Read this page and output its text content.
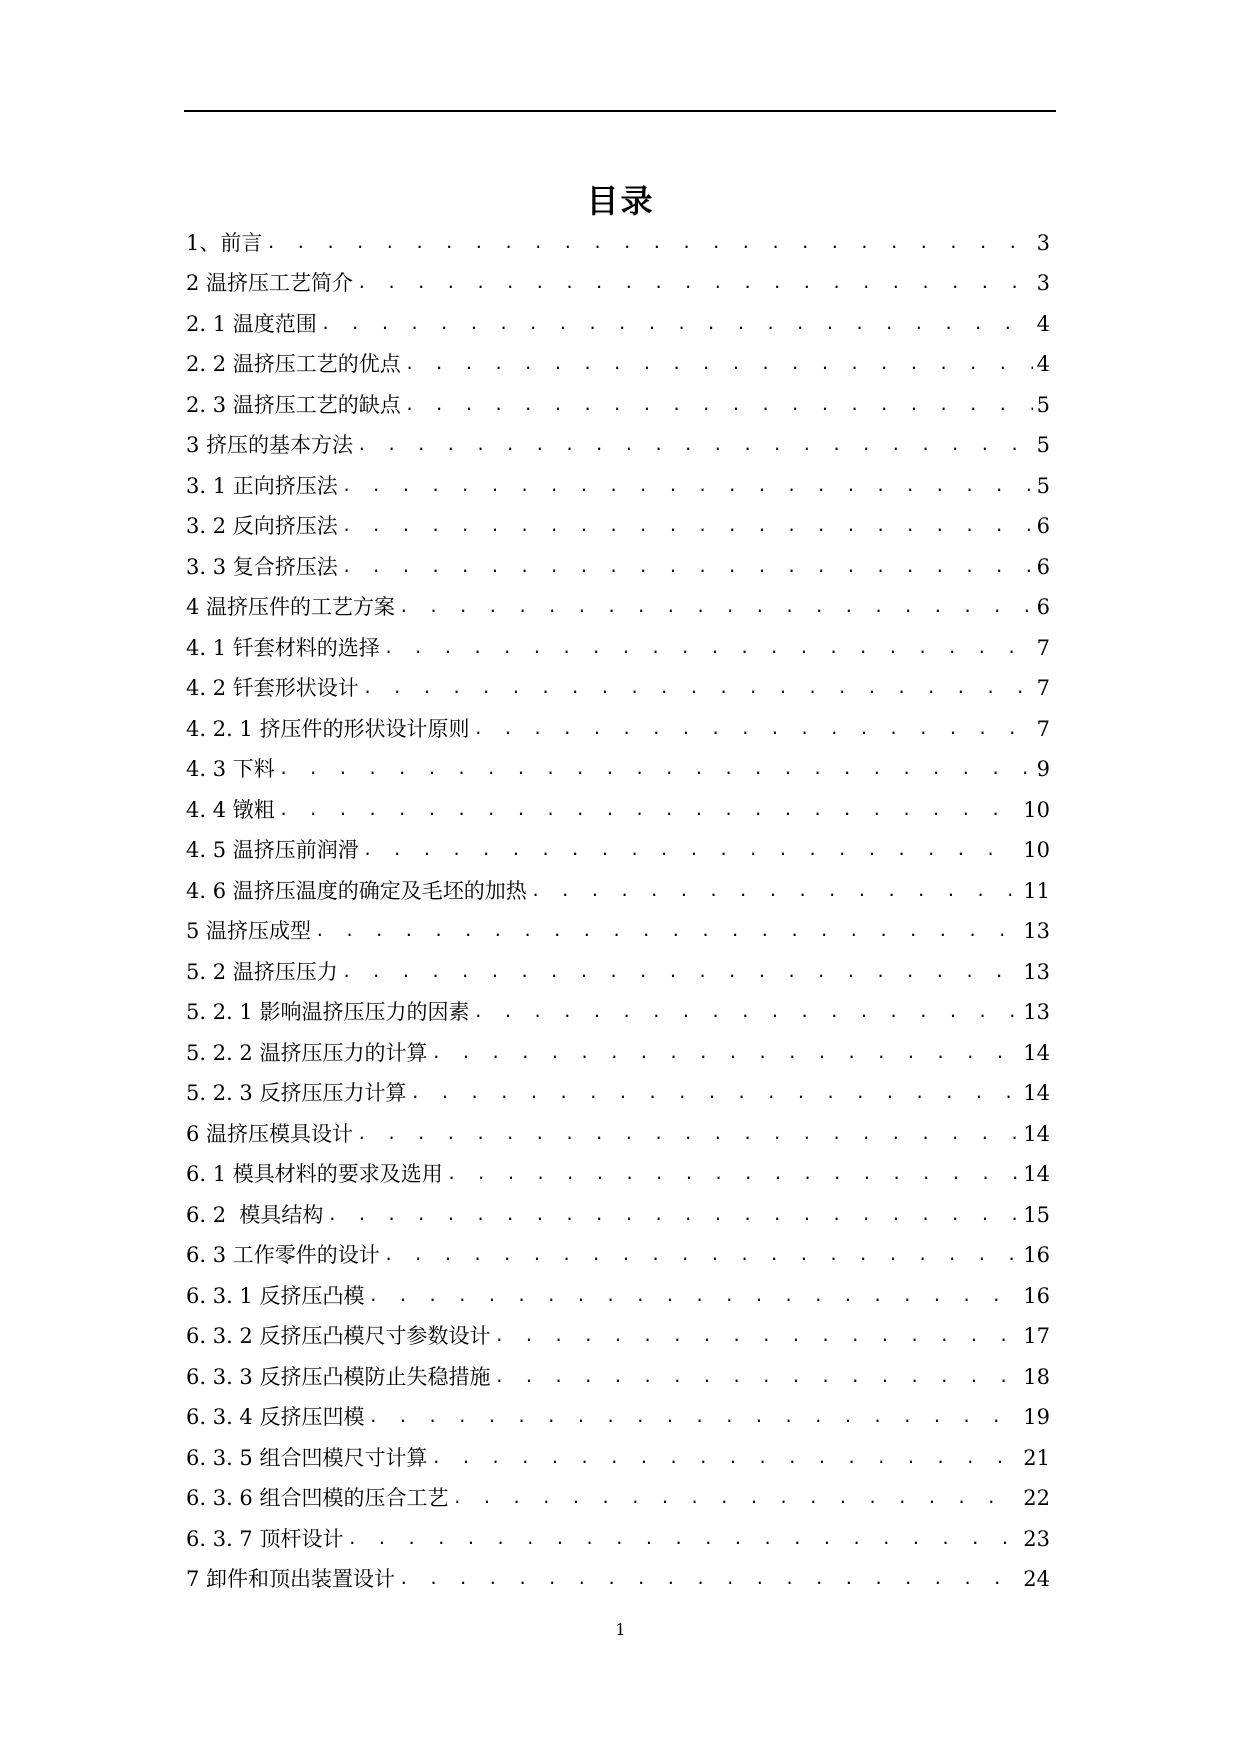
目录
1、前言 . . .	3
2 温挤压工艺简介 . . .	3
2. 1 温度范围 . . .	4
2. 2 温挤压工艺的优点 . . .	4
2. 3 温挤压工艺的缺点 . . .	5
3 挤压的基本方法 . . .	5
3. 1 正向挤压法 . . .	5
3. 2 反向挤压法 . . .	6
3. 3 复合挤压法 . . .	6
4 温挤压件的工艺方案 . . .	6
4. 1 钎套材料的选择 . . .	7
4. 2 钎套形状设计 . . .	7
4. 2. 1 挤压件的形状设计原则 . . .	7
4. 3 下料 . . .	9
4. 4 镦粗 . . .	10
4. 5 温挤压前润滑 . . .	10
4. 6 温挤压温度的确定及毛坯的加热 . . .	11
5 温挤压成型 . . .	13
5. 2 温挤压压力 . . .	13
5. 2. 1 影响温挤压压力的因素 . . .	13
5. 2. 2 温挤压压力的计算 . . .	14
5. 2. 3 反挤压压力计算 . . .	14
6 温挤压模具设计 . . .	14
6. 1 模具材料的要求及选用 . . .	14
6. 2  模具结构 . . .	15
6. 3 工作零件的设计 . . .	16
6. 3. 1 反挤压凸模 . . .	16
6. 3. 2 反挤压凸模尺寸参数设计 . . .	17
6. 3. 3 反挤压凸模防止失稳措施 . . .	18
6. 3. 4 反挤压凹模 . . .	19
6. 3. 5 组合凹模尺寸计算 . . .	21
6. 3. 6 组合凹模的压合工艺 . . .	22
6. 3. 7 顶杆设计 . . .	23
7 卸件和顶出装置设计 . . .	24
1
